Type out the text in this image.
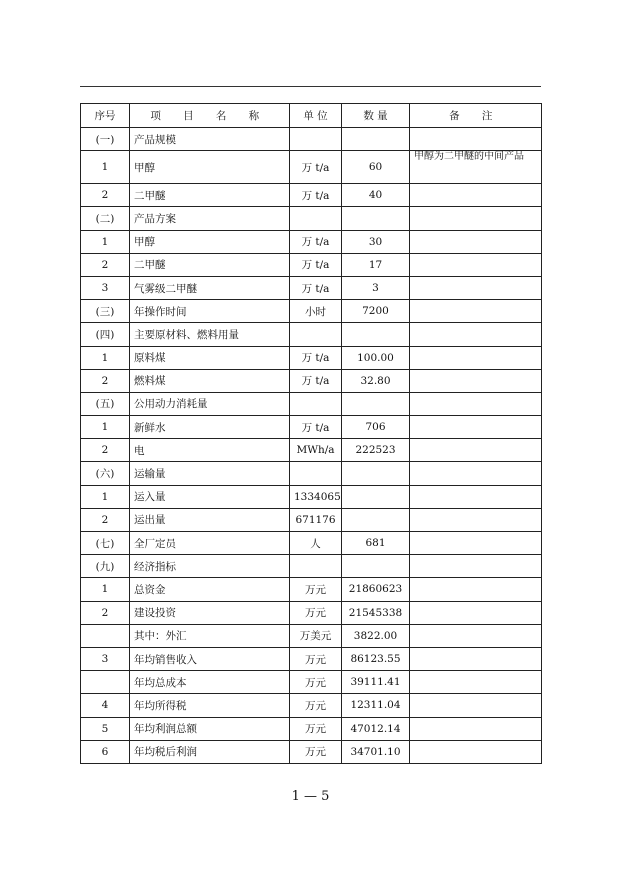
序号	项 目 名 称	单 位	数 量	备 注
(一)	产品规模			
1	甲醇	万 t/a	60	甲醇为二甲醚的中间产品
2	二甲醚	万 t/a	40	
(二)	产品方案			
1	甲醇	万 t/a	30	
2	二甲醚	万 t/a	17	
3	气雾级二甲醚	万 t/a	3	
(三)	年操作时间	小时	7200	
(四)	主要原材料、燃料用量			
1	原料煤	万 t/a	100.00	
2	燃料煤	万 t/a	32.80	
(五)	公用动力消耗量			
1	新鲜水	万 t/a	706	
2	电	MWh/a	222523	
(六)	运输量			
1	运入量	1334065		
2	运出量	671176		
(七)	全厂定员	人	681	
(九)	经济指标			
1	总资金	万元	21860623	
2	建设投资	万元	21545338	
	其中：外汇	万美元	3822.00	
3	年均销售收入	万元	86123.55	
	年均总成本	万元	39111.41	
4	年均所得税	万元	12311.04	
5	年均利润总额	万元	47012.14	
6	年均税后利润	万元	34701.10	
1 — 5
